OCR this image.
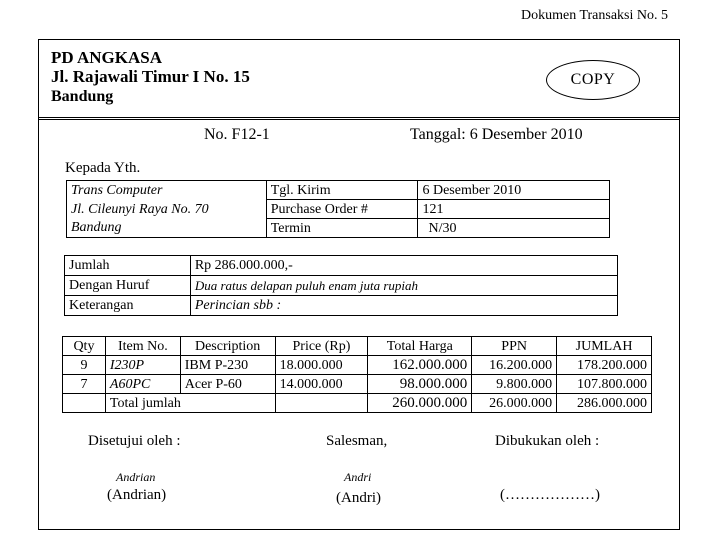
Dokumen Transaksi No. 5
PD ANGKASA
Jl. Rajawali Timur I No. 15
Bandung
COPY
No. F12-1	Tanggal: 6 Desember 2010
Kepada Yth.
Trans Computer	Tgl. Kirim	6 Desember 2010
Jl. Cileunyi Raya No. 70	Purchase Order #	121
Bandung	Termin	N/30
Jumlah	Rp 286.000.000,-
Dengan Huruf	Dua ratus delapan puluh enam juta rupiah
Keterangan	Perincian sbb :
Qty	Item No.	Description	Price (Rp)	Total Harga	PPN	JUMLAH
9	I230P	IBM P-230	18.000.000	162.000.000	16.200.000	178.200.000
7	A60PC	Acer P-60	14.000.000	98.000.000	9.800.000	107.800.000
	Total jumlah			260.000.000	26.000.000	286.000.000
Disetujui oleh :	Salesman,	Dibukukan oleh :
Andrian	Andri
(Andrian)	(Andri)	(………………)
